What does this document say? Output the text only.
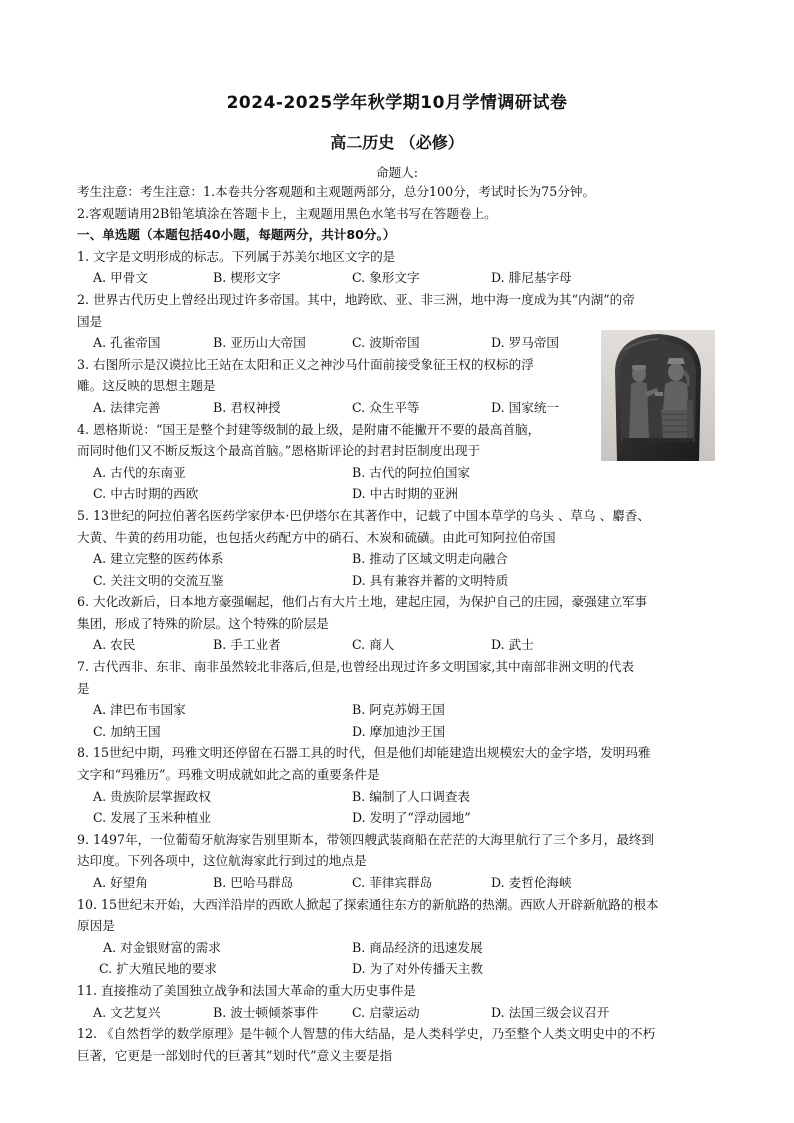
2024-2025学年秋学期10月学情调研试卷
高二历史 （必修）
命题人:
考生注意：考生注意：1.本卷共分客观题和主观题两部分，总分100分，考试时长为75分钟。
2.客观题请用2B铅笔填涂在答题卡上，主观题用黑色水笔书写在答题卷上。
一、单选题（本题包括40小题，每题两分，共计80分。）
1. 文字是文明形成的标志。下列属于苏美尔地区文字的是
A. 甲骨文	B. 楔形文字	C. 象形文字	D. 腓尼基字母
2. 世界古代历史上曾经出现过许多帝国。其中，地跨欧、亚、非三洲，地中海一度成为其“内湖”的帝
国是
A. 孔雀帝国	B. 亚历山大帝国	C. 波斯帝国	D. 罗马帝国
3. 右图所示是汉谟拉比王站在太阳和正义之神沙马什面前接受象征王权的权标的浮
雕。这反映的思想主题是
A. 法律完善	B. 君权神授	C. 众生平等	D. 国家统一
4. 恩格斯说：“国王是整个封建等级制的最上级，是附庸不能撇开不要的最高首脑，
而同时他们又不断反叛这个最高首脑。”恩格斯评论的封君封臣制度出现于
A. 古代的东南亚	B. 古代的阿拉伯国家
C. 中古时期的西欧	D. 中古时期的亚洲
5. 13世纪的阿拉伯著名医药学家伊本·巴伊塔尔在其著作中，记载了中国本草学的乌头 、草乌 、麝香、
大黄、牛黄的药用功能，也包括火药配方中的硝石、木炭和硫磺。由此可知阿拉伯帝国
A. 建立完整的医药体系	B. 推动了区域文明走向融合
C. 关注文明的交流互鉴	D. 具有兼容并蓄的文明特质
6. 大化改新后，日本地方豪强崛起，他们占有大片土地，建起庄园，为保护自己的庄园，豪强建立军事
集团，形成了特殊的阶层。这个特殊的阶层是
A. 农民	B. 手工业者	C. 商人	D. 武士
7. 古代西非、东非、南非虽然较北非落后,但是,也曾经出现过许多文明国家,其中南部非洲文明的代表
是
A. 津巴布韦国家	B. 阿克苏姆王国
C. 加纳王国	D. 摩加迪沙王国
8. 15世纪中期，玛雅文明还停留在石器工具的时代，但是他们却能建造出规模宏大的金字塔，发明玛雅
文字和“玛雅历”。玛雅文明成就如此之高的重要条件是
A. 贵族阶层掌握政权	B. 编制了人口调查表
C. 发展了玉米种植业	D. 发明了“浮动园地”
9. 1497年，一位葡萄牙航海家告别里斯本，带领四艘武装商船在茫茫的大海里航行了三个多月，最终到
达印度。下列各项中，这位航海家此行到过的地点是
A. 好望角	B. 巴哈马群岛	C. 菲律宾群岛	D. 麦哲伦海峡
10. 15世纪末开始，大西洋沿岸的西欧人掀起了探索通往东方的新航路的热潮。西欧人开辟新航路的根本
原因是
A. 对金银财富的需求	B. 商品经济的迅速发展
C. 扩大殖民地的要求	D. 为了对外传播天主教
11. 直接推动了美国独立战争和法国大革命的重大历史事件是
A. 文艺复兴	B. 波士顿倾茶事件	C. 启蒙运动	D. 法国三级会议召开
12. 《自然哲学的数学原理》是牛顿个人智慧的伟大结晶，是人类科学史，乃至整个人类文明史中的不朽
巨著，它更是一部划时代的巨著其“划时代”意义主要是指
